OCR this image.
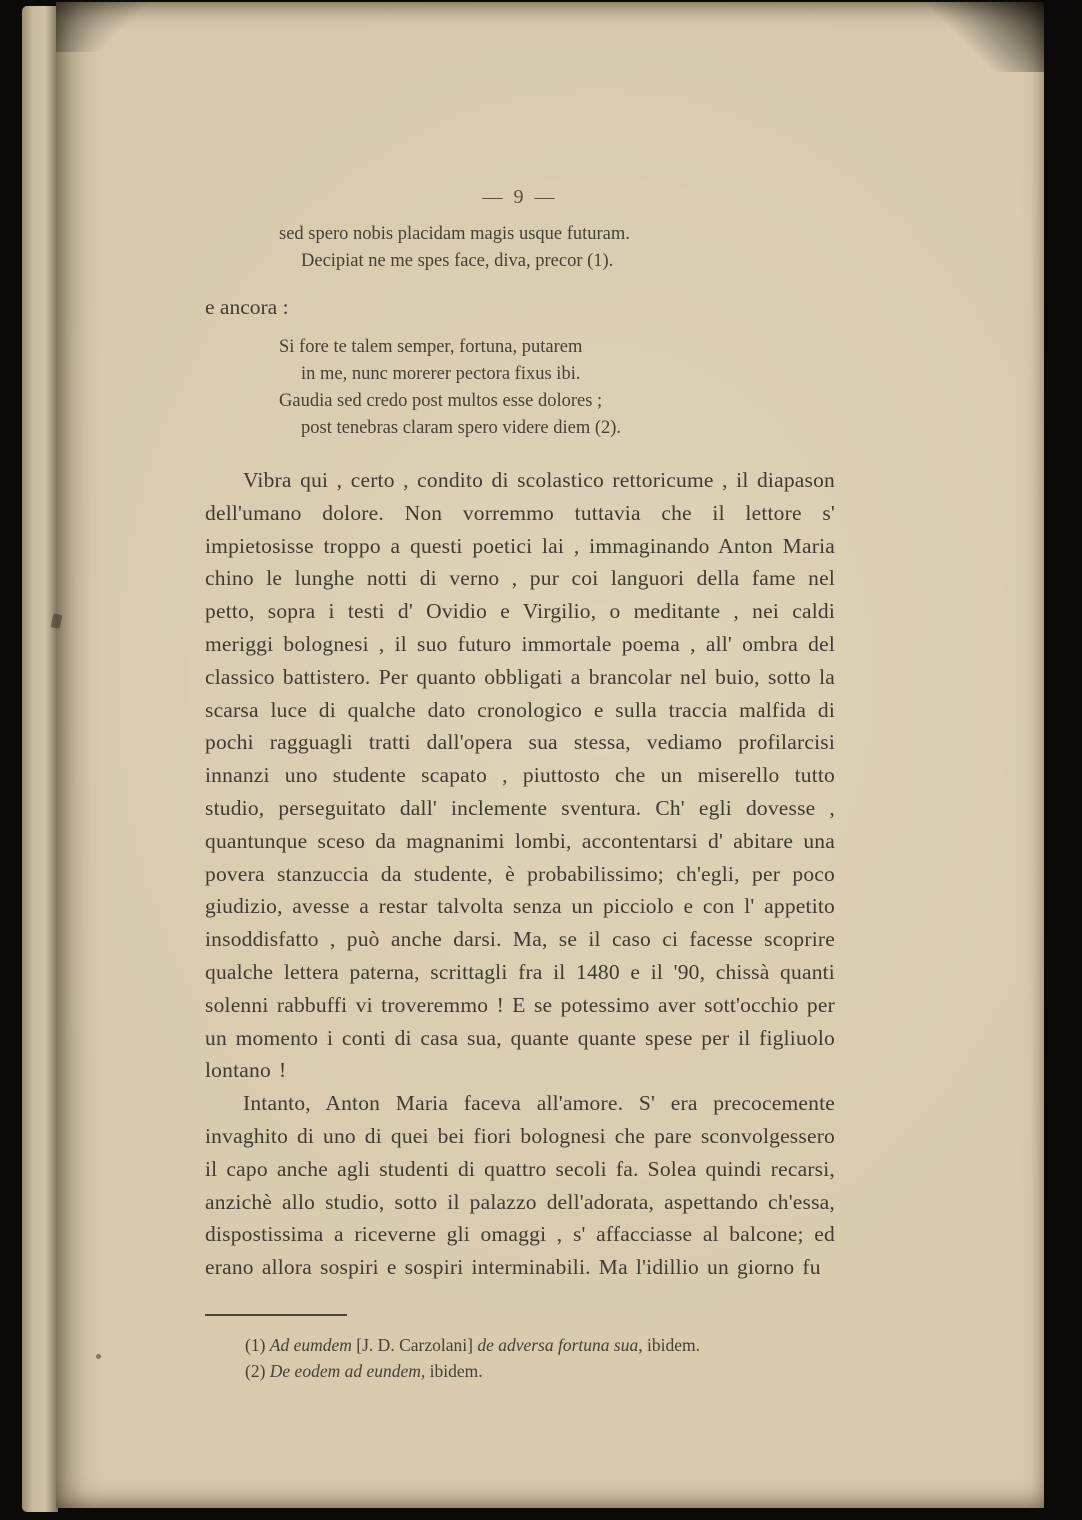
— 9 —
sed spero nobis placidam magis usque futuram.
Decipiat ne me spes face, diva, precor (1).
e ancora :
Si fore te talem semper, fortuna, putarem
in me, nunc morerer pectora fixus ibi.
Gaudia sed credo post multos esse dolores ;
post tenebras claram spero videre diem (2).

Vibra qui , certo , condito di scolastico rettoricume , il diapason dell'umano dolore. Non vorremmo tuttavia che il lettore s' impietosisse troppo a questi poetici lai , immaginando Anton Maria chino le lunghe notti di verno , pur coi languori della fame nel petto, sopra i testi d' Ovidio e Virgilio, o meditante , nei caldi meriggi bolognesi , il suo futuro immortale poema , all' ombra del classico battistero. Per quanto obbligati a brancolar nel buio, sotto la scarsa luce di qualche dato cronologico e sulla traccia malfida di pochi ragguagli tratti dall'opera sua stessa, vediamo profilarcisi innanzi uno studente scapato , piuttosto che un miserello tutto studio, perseguitato dall' inclemente sventura. Ch' egli dovesse , quantunque sceso da magnanimi lombi, accontentarsi d' abitare una povera stanzuccia da studente, è probabilissimo; ch'egli, per poco giudizio, avesse a restar talvolta senza un picciolo e con l' appetito insoddisfatto , può anche darsi. Ma, se il caso ci facesse scoprire qualche lettera paterna, scrittagli fra il 1480 e il '90, chissà quanti solenni rabbuffi vi troveremmo ! E se potessimo aver sott'occhio per un momento i conti di casa sua, quante quante spese per il figliuolo lontano !

Intanto, Anton Maria faceva all'amore. S' era precocemente invaghito di uno di quei bei fiori bolognesi che pare sconvolgessero il capo anche agli studenti di quattro secoli fa. Solea quindi recarsi, anzichè allo studio, sotto il palazzo dell'adorata, aspettando ch'essa, dispostissima a riceverne gli omaggi , s' affacciasse al balcone; ed erano allora sospiri e sospiri interminabili. Ma l'idillio un giorno fu

(1) Ad eumdem [J. D. Carzolani] de adversa fortuna sua, ibidem.
(2) De eodem ad eundem, ibidem.
